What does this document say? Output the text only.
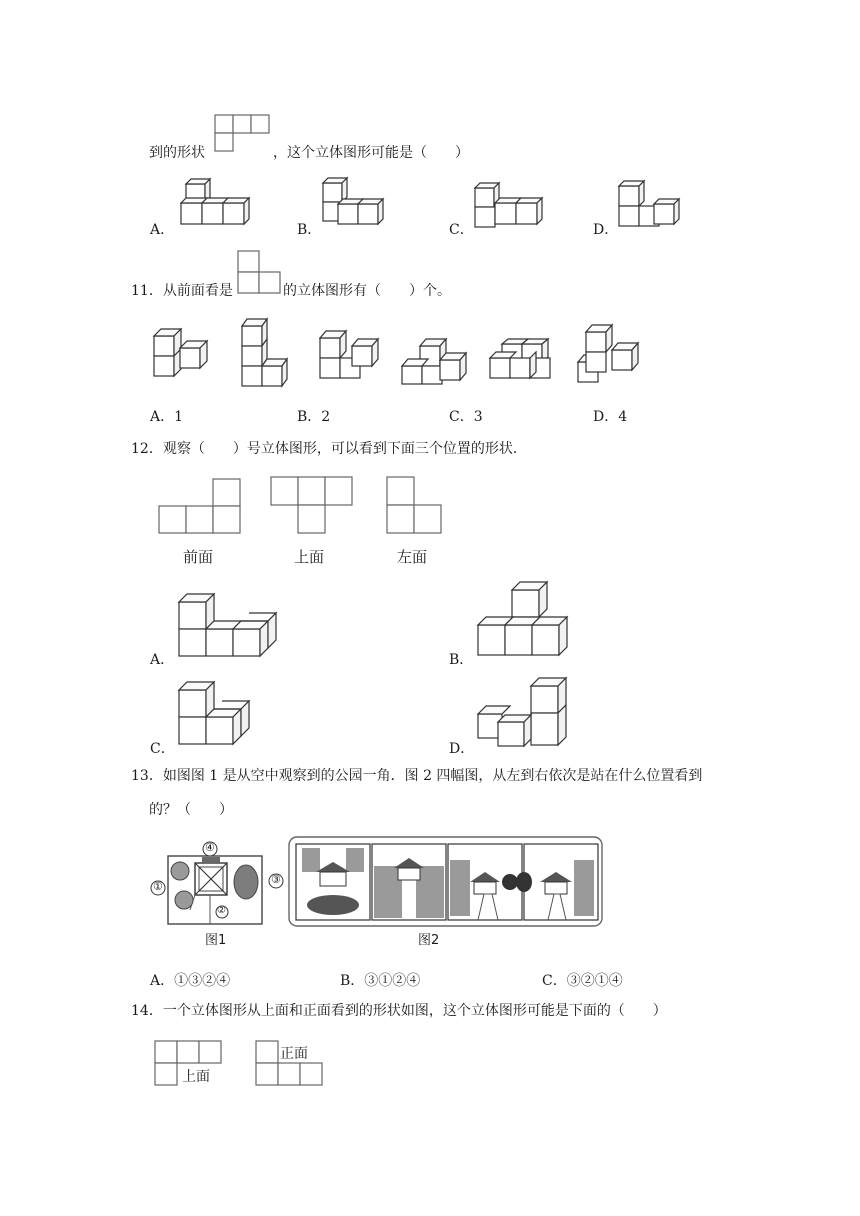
到的形状	，这个立体图形可能是（　　）
A．	B．	C．	D．
11．从前面看是	的立体图形有（　　）个。
A．1	B．2	C．3	D．4
12．观察（　　）号立体图形，可以看到下面三个位置的形状．
前面	上面	左面
A．	B．
C．	D．
13．如图图 1 是从空中观察到的公园一角．图 2 四幅图，从左到右依次是站在什么位置看到
的？（　　）
④
①
③
②
图1	图2
A．①③②④	B．③①②④	C．③②①④
14．一个立体图形从上面和正面看到的形状如图，这个立体图形可能是下面的（　　）
上面
正面
